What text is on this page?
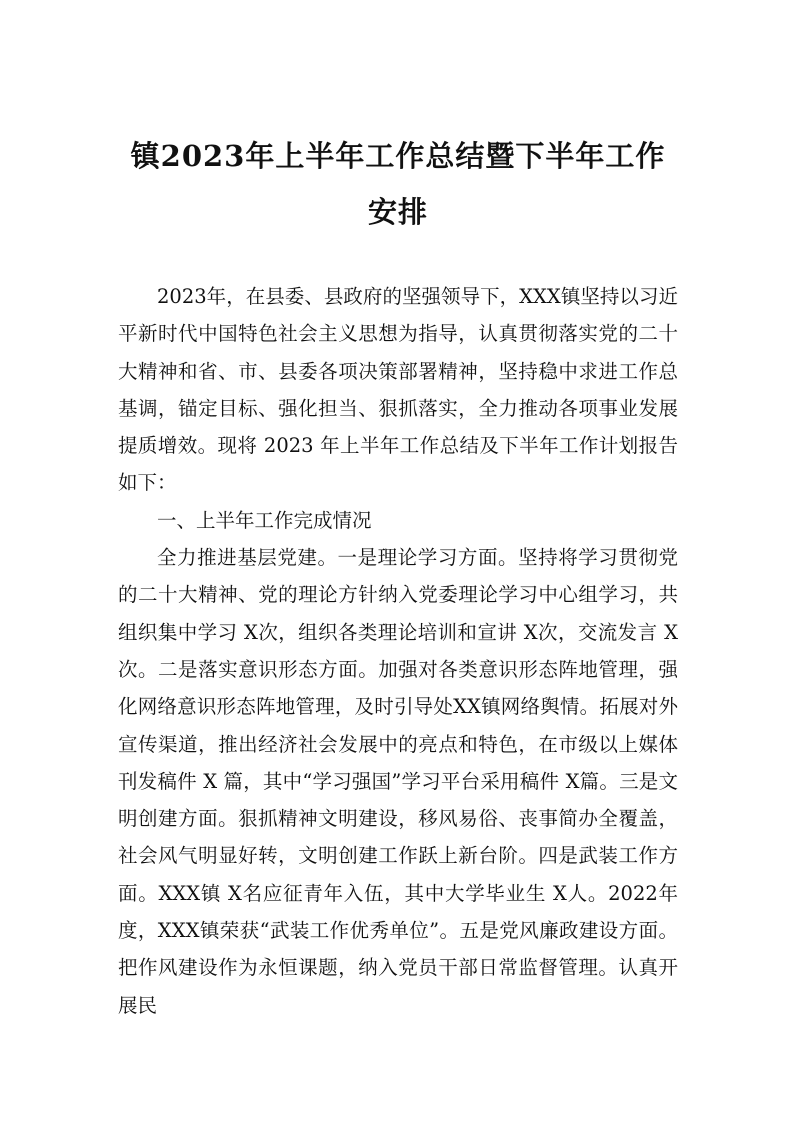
镇2023年上半年工作总结暨下半年工作安排

2023年，在县委、县政府的坚强领导下，XXX镇坚持以习近平新时代中国特色社会主义思想为指导，认真贯彻落实党的二十大精神和省、市、县委各项决策部署精神，坚持稳中求进工作总基调，锚定目标、强化担当、狠抓落实，全力推动各项事业发展提质增效。现将 2023 年上半年工作总结及下半年工作计划报告如下：

一、上半年工作完成情况

全力推进基层党建。一是理论学习方面。坚持将学习贯彻党的二十大精神、党的理论方针纳入党委理论学习中心组学习，共组织集中学习 X次，组织各类理论培训和宣讲 X次，交流发言 X次。二是落实意识形态方面。加强对各类意识形态阵地管理，强化网络意识形态阵地管理，及时引导处XX镇网络舆情。拓展对外宣传渠道，推出经济社会发展中的亮点和特色，在市级以上媒体刊发稿件 X 篇，其中“学习强国”学习平台采用稿件 X篇。三是文明创建方面。狠抓精神文明建设，移风易俗、丧事简办全覆盖，社会风气明显好转，文明创建工作跃上新台阶。四是武装工作方面。XXX镇 X名应征青年入伍，其中大学毕业生 X人。2022年度，XXX镇荣获“武装工作优秀单位”。五是党风廉政建设方面。把作风建设作为永恒课题，纳入党员干部日常监督管理。认真开展民
